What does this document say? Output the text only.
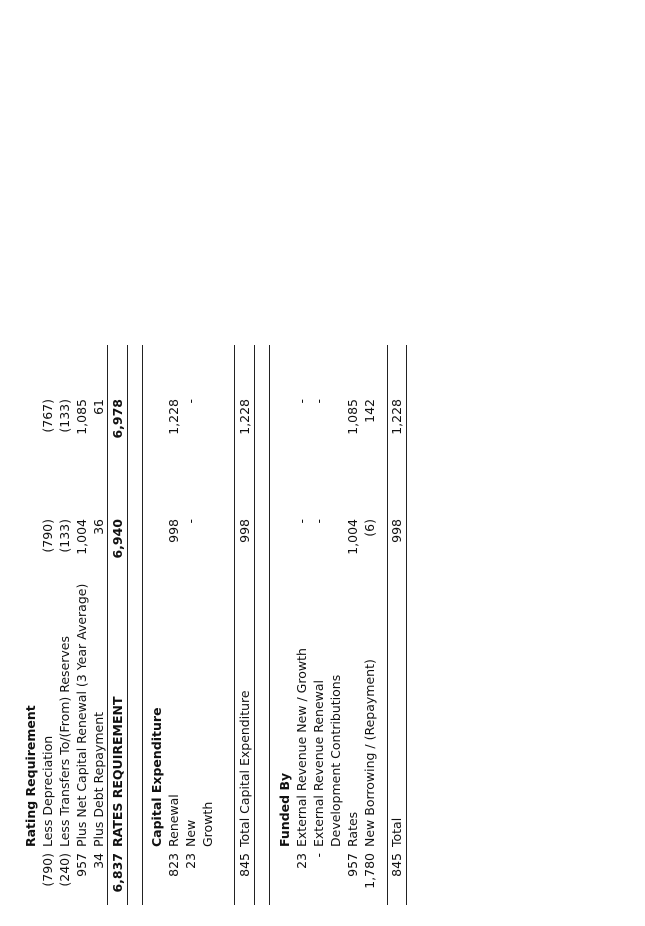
Rating Requirement
(790)
Less Depreciation
(790)
(767)
(240)
Less Transfers To/(From) Reserves
(133)
(133)
957
Plus Net Capital Renewal (3 Year Average)
1,004
1,085
34
Plus Debt Repayment
36
61
6,837
RATES REQUIREMENT
6,940
6,978
Capital Expenditure
823
Renewal
998
1,228
23
New
-
-
Growth
845
Total Capital Expenditure
998
1,228
Funded By
23
External Revenue New / Growth
-
-
-
External Revenue Renewal
-
-
Development Contributions
957
Rates
1,004
1,085
1,780
New Borrowing / (Repayment)
(6)
142
845
Total
998
1,228
